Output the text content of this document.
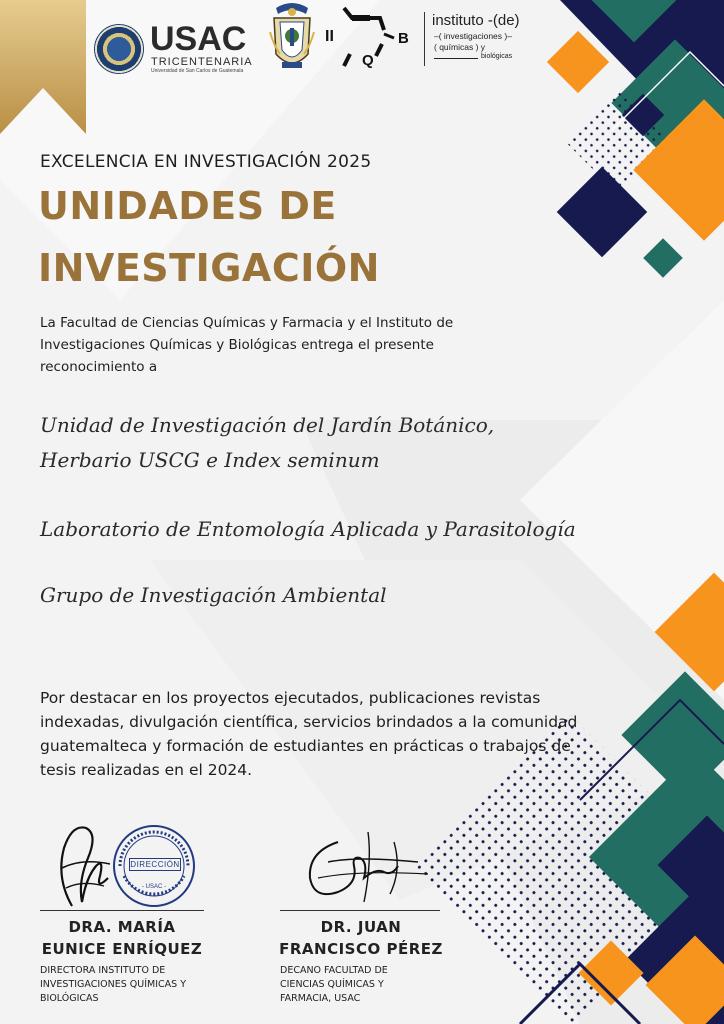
USAC
TRICENTENARIA
Universidad de San Carlos de Guatemala
II	B
Q
instituto -(de)
–( investigaciones )–
( químicas ) y
biológicas
EXCELENCIA EN INVESTIGACIÓN 2025
UNIDADES DE
INVESTIGACIÓN
La Facultad de Ciencias Químicas y Farmacia y el Instituto de Investigaciones Químicas y Biológicas entrega el presente reconocimiento a
Unidad de Investigación del Jardín Botánico, Herbario USCG e Index seminum
Laboratorio de Entomología Aplicada y Parasitología
Grupo de Investigación Ambiental
Por destacar en los proyectos ejecutados, publicaciones revistas indexadas, divulgación científica, servicios brindados a la comunidad guatemalteca y formación de estudiantes en prácticas o trabajos de tesis realizadas en el 2024.
DIRECCIÓN
- USAC -
DRA. MARÍA EUNICE ENRÍQUEZ
DR. JUAN FRANCISCO PÉREZ
DIRECTORA INSTITUTO DE INVESTIGACIONES QUÍMICAS Y BIOLÓGICAS
DECANO FACULTAD DE CIENCIAS QUÍMICAS Y FARMACIA, USAC
